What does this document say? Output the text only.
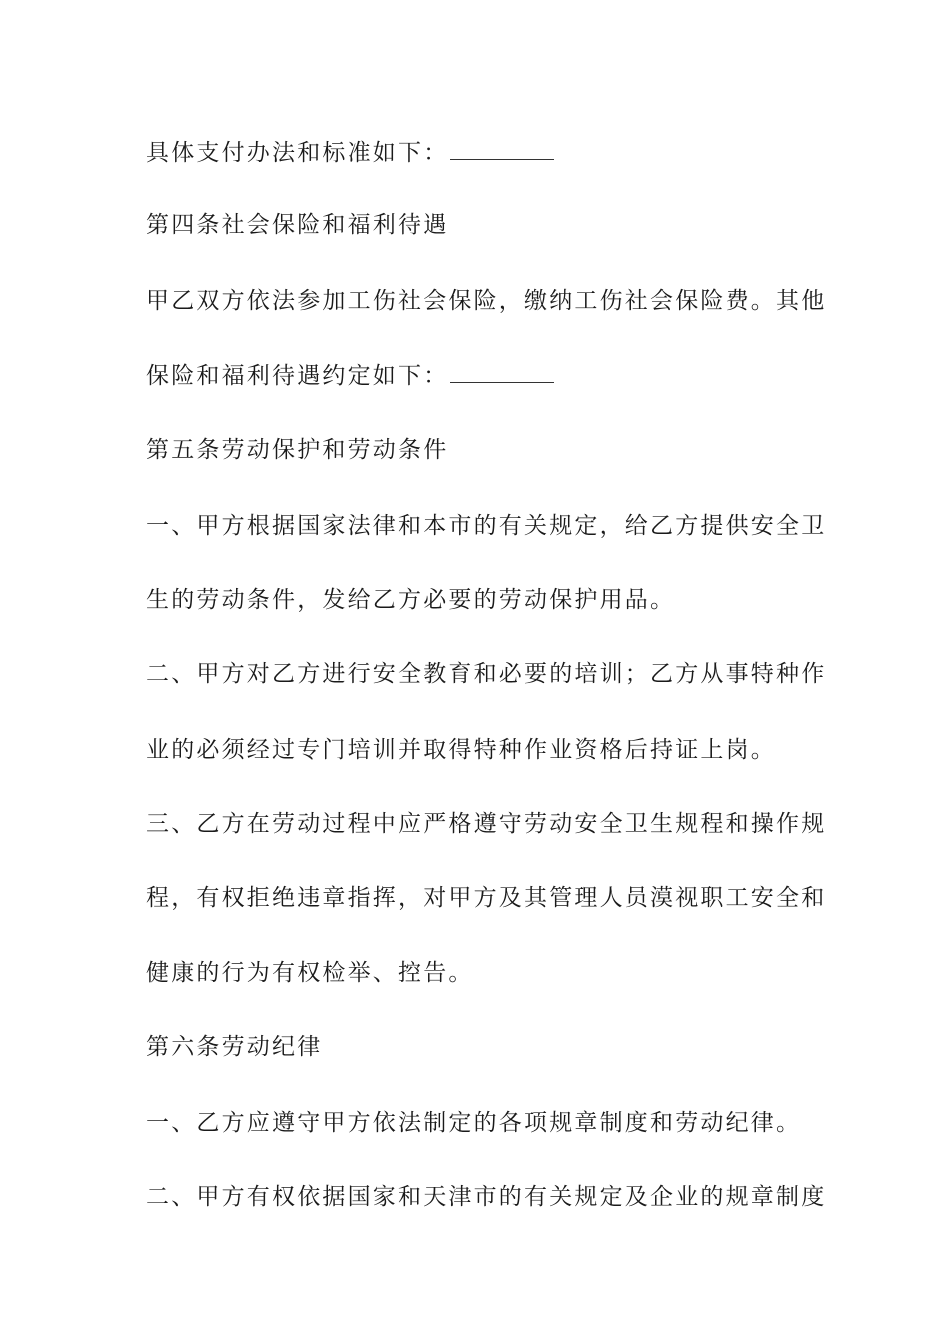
具体支付办法和标准如下：
第四条社会保险和福利待遇
甲乙双方依法参加工伤社会保险，缴纳工伤社会保险费。其他
保险和福利待遇约定如下：
第五条劳动保护和劳动条件
一、甲方根据国家法律和本市的有关规定，给乙方提供安全卫
生的劳动条件，发给乙方必要的劳动保护用品。
二、甲方对乙方进行安全教育和必要的培训；乙方从事特种作
业的必须经过专门培训并取得特种作业资格后持证上岗。
三、乙方在劳动过程中应严格遵守劳动安全卫生规程和操作规
程，有权拒绝违章指挥，对甲方及其管理人员漠视职工安全和
健康的行为有权检举、控告。
第六条劳动纪律
一、乙方应遵守甲方依法制定的各项规章制度和劳动纪律。
二、甲方有权依据国家和天津市的有关规定及企业的规章制度
